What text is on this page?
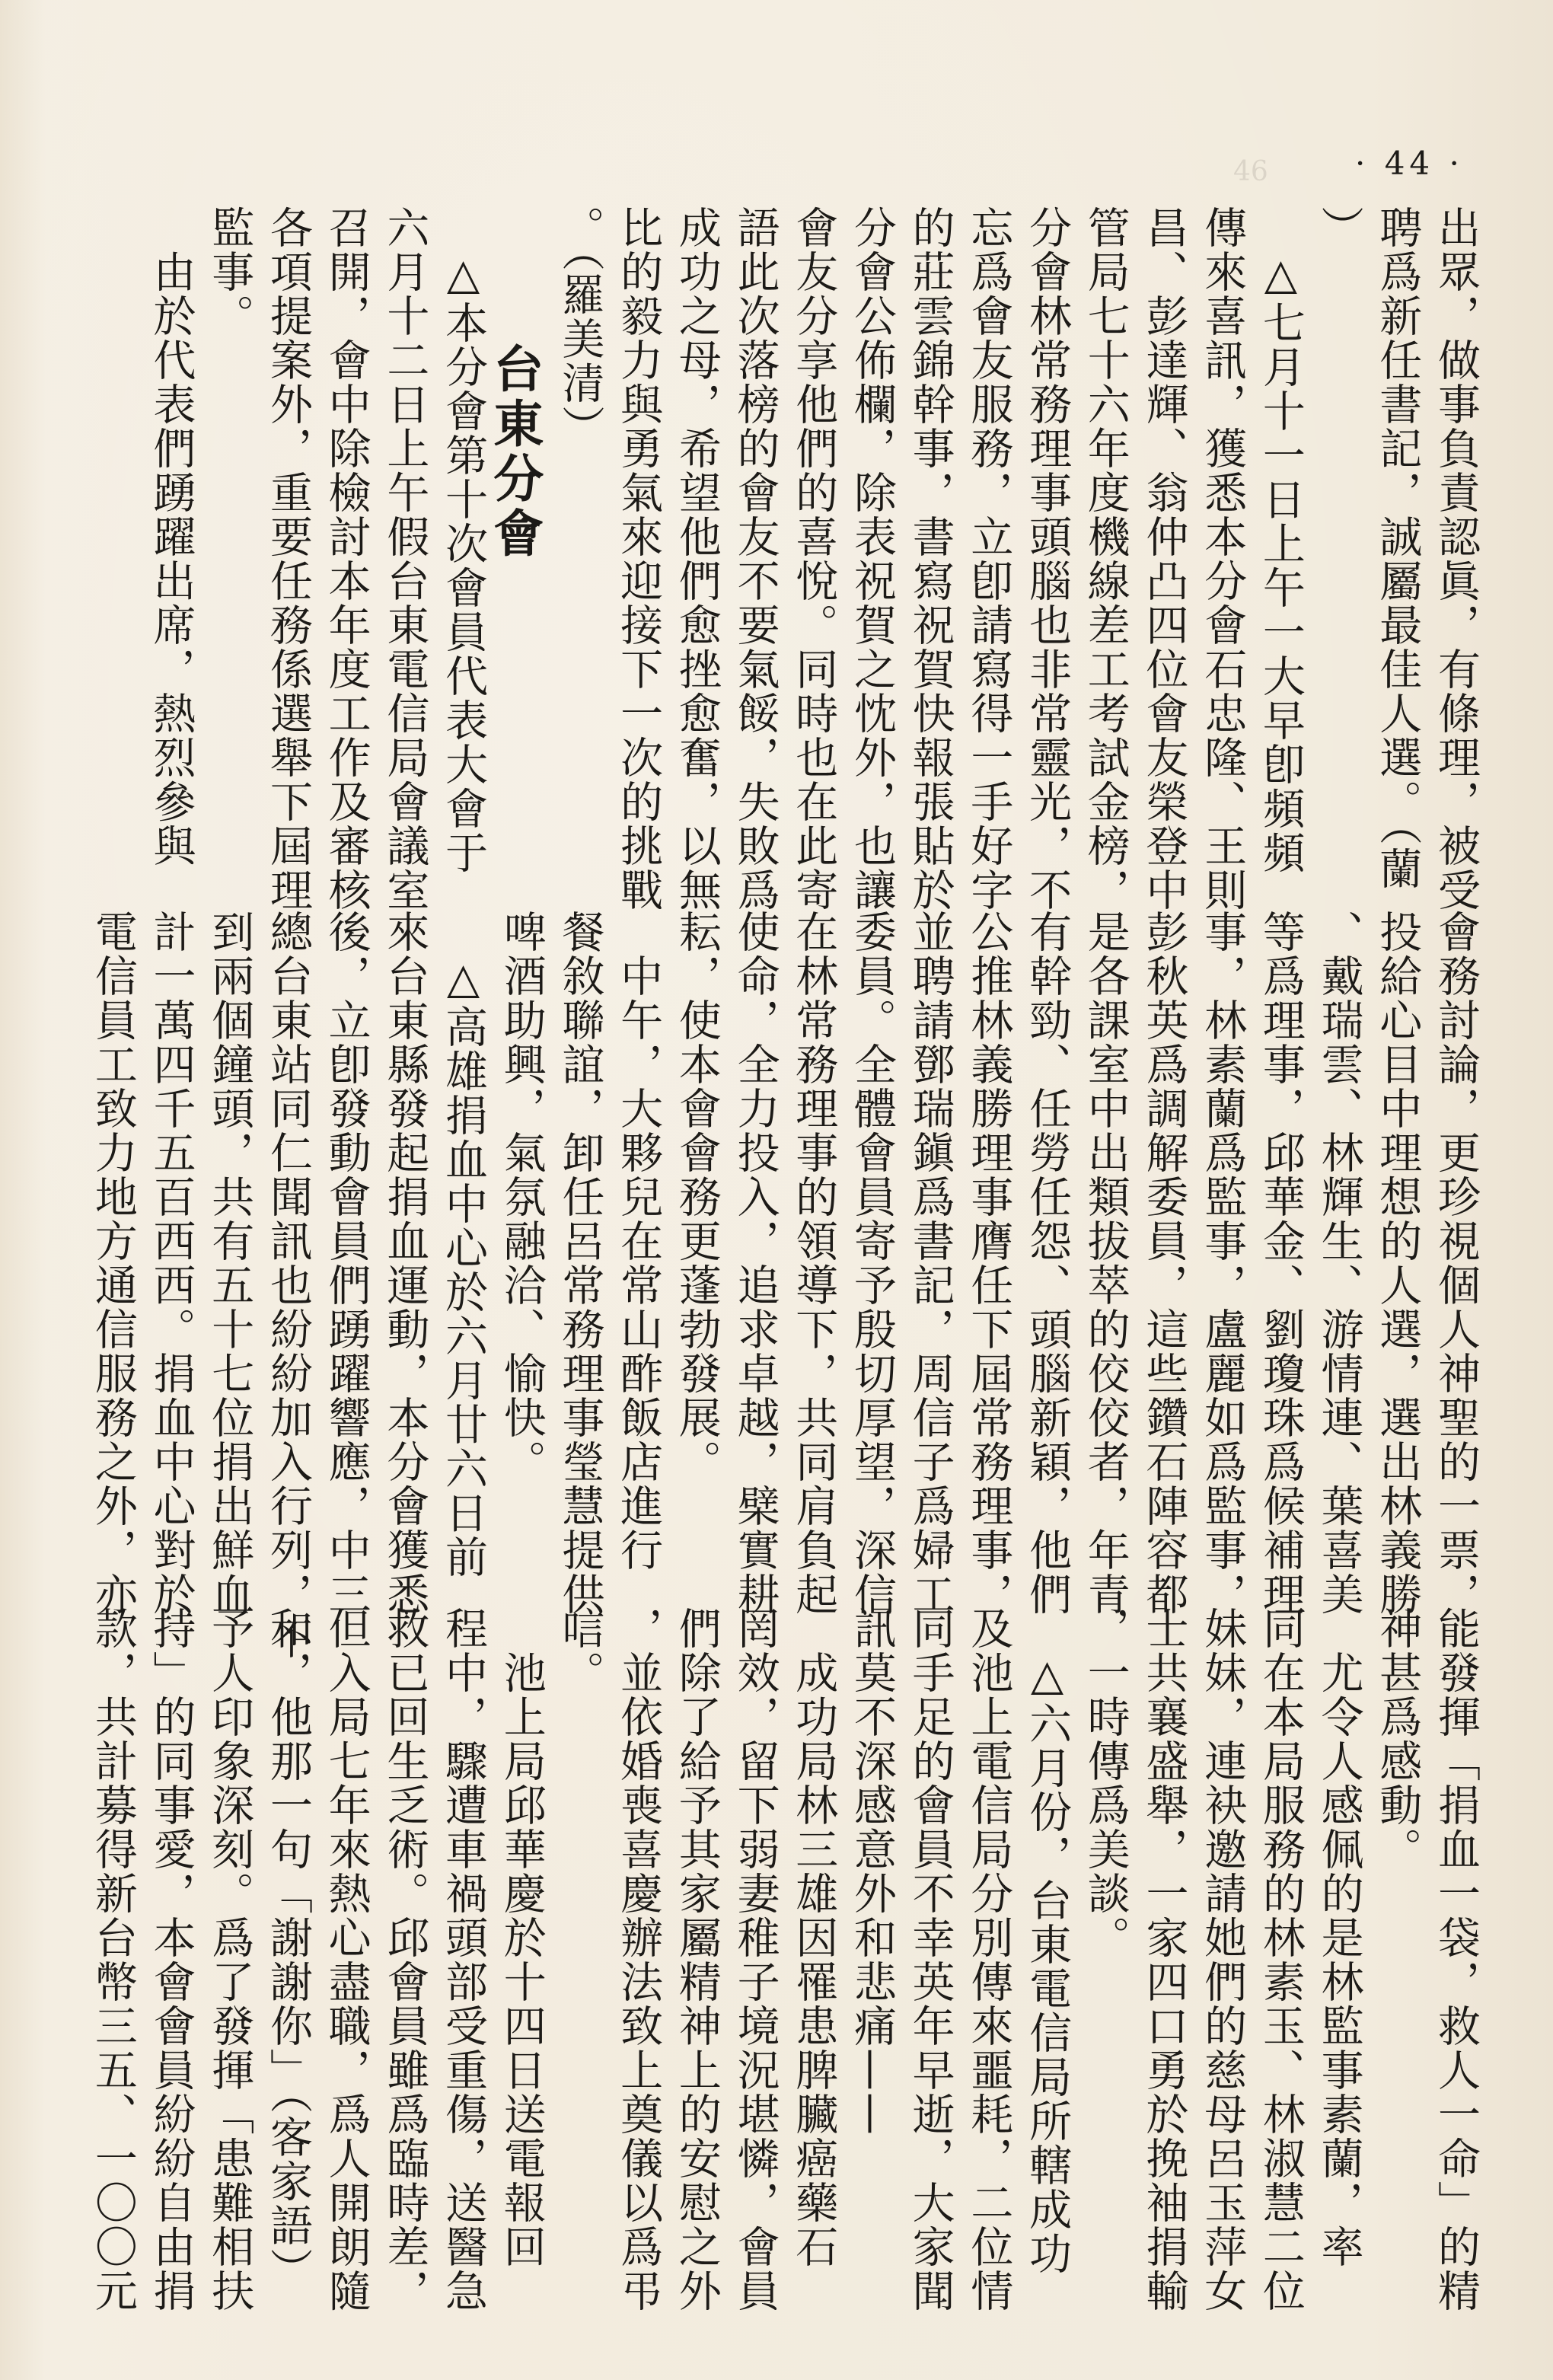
· 44 ·
46
出眾，做事負責認眞，有條理，被受
聘爲新任書記，誠屬最佳人選。（蘭
）
　△七月十一日上午一大早卽頻頻
傳來喜訊，獲悉本分會石忠隆、王則
昌、彭達輝、翁仲凸四位會友榮登中
管局七十六年度機線差工考試金榜，
分會林常務理事頭腦也非常靈光，不
忘爲會友服務，立卽請寫得一手好字
的莊雲錦幹事，書寫祝賀快報張貼於
分會公佈欄，除表祝賀之忱外，也讓
會友分享他們的喜悅。同時也在此寄
語此次落榜的會友不要氣餒，失敗爲
成功之母，希望他們愈挫愈奮，以無
比的毅力與勇氣來迎接下一次的挑戰
。（羅美清）
台東分會
　△本分會第十次會員代表大會于
六月十二日上午假台東電信局會議室
召開，會中除檢討本年度工作及審核
各項提案外，重要任務係選舉下屆理
監事。
　由於代表們踴躍出席，熱烈參與
會務討論，更珍視個人神聖的一票，
投給心目中理想的人選，選出林義勝
、戴瑞雲、林輝生、游情連、葉喜美
等爲理事，邱華金、劉瓊珠爲候補理
事，林素蘭爲監事，盧麗如爲監事，
彭秋英爲調解委員，這些鑽石陣容都
是各課室中出類拔萃的佼佼者，年青
有幹勁、任勞任怨、頭腦新穎，他們
公推林義勝理事膺任下屆常務理事，
並聘請鄧瑞鎭爲書記，周信子爲婦工
委員。全體會員寄予殷切厚望，深信
在林常務理事的領導下，共同肩負起
使命，全力投入，追求卓越，檗實耕
耘，使本會會務更蓬勃發展。
　中午，大夥兒在常山酢飯店進行
餐敘聯誼，卸任呂常務理事瑩慧提供
啤酒助興，氣氛融洽、愉快。
　△高雄捐血中心於六月廿六日前
來台東縣發起捐血運動，本分會獲悉
後，立卽發動會員們踴躍響應，中三
總台東站同仁聞訊也紛紛加入行列，不
到兩個鐘頭，共有五十七位捐出鮮血
計一萬四千五百西西。捐血中心對於
電信員工致力地方通信服務之外，亦
能發揮「捐血一袋，救人一命」的精
神甚爲感動。
　尤令人感佩的是林監事素蘭，率
同在本局服務的林素玉、林淑慧二位
妹妹，連袂邀請她們的慈母呂玉萍女
士共襄盛舉，一家四口勇於挽袖捐輸
，一時傳爲美談。
　△六月份，台東電信局所轄成功
及池上電信局分別傳來噩耗，二位情
同手足的會員不幸英年早逝，大家聞
訊莫不深感意外和悲痛——
　成功局林三雄因罹患脾臟癌藥石
罔效，留下弱妻稚子境況堪憐，會員
們除了給予其家屬精神上的安慰之外
，並依婚喪喜慶辦法致上奠儀以爲弔
唁。
　池上局邱華慶於十四日送電報回
程中，驟遭車禍頭部受重傷，送醫急
救已回生乏術。邱會員雖爲臨時差，
但入局七年來熱心盡職，爲人開朗隨
和，他那一句「謝謝你」（客家語）
予人印象深刻。爲了發揮「患難相扶
持」的同事愛，本會會員紛紛自由捐
款，共計募得新台幣三五、一〇〇元
